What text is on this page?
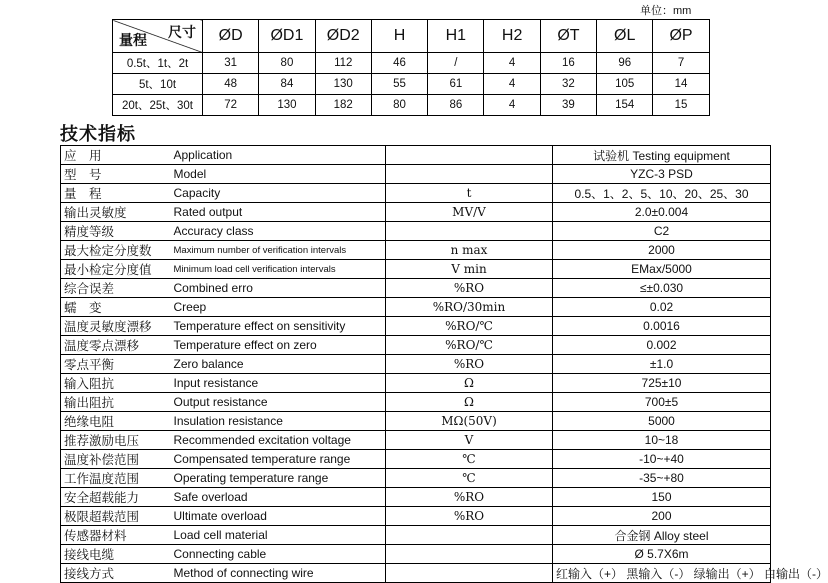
单位：mm
尺寸
量程	ØD	ØD1	ØD2	H	H1	H2	ØT	ØL	ØP
0.5t、1t、2t	31	80	112	46	/	4	16	96	7
5t、10t	48	84	130	55	61	4	32	105	14
20t、25t、30t	72	130	182	80	86	4	39	154	15
技术指标
应　用	Application		试验机 Testing equipment
型　号	Model		YZC-3 PSD
量　程	Capacity	t	0.5、1、2、5、10、20、25、30
输出灵敏度	Rated output	MV/V	2.0±0.004
精度等级	Accuracy class		C2
最大检定分度数	Maximum number of verification intervals	n max	2000
最小检定分度值	Minimum load cell verification intervals	V min	EMax/5000
综合误差	Combined erro	%RO	≤±0.030
蠕　变	Creep	%RO/30min	0.02
温度灵敏度漂移	Temperature effect on sensitivity	%RO/℃	0.0016
温度零点漂移	Temperature effect on zero	%RO/℃	0.002
零点平衡	Zero balance	%RO	±1.0
输入阻抗	Input resistance	Ω	725±10
输出阻抗	Output resistance	Ω	700±5
绝缘电阻	Insulation resistance	MΩ(50V)	5000
推荐激励电压	Recommended excitation voltage	V	10~18
温度补偿范围	Compensated temperature range	℃	-10~+40
工作温度范围	Operating temperature range	℃	-35~+80
安全超载能力	Safe overload	%RO	150
极限超载范围	Ultimate overload	%RO	200
传感器材料	Load cell material		合金钢 Alloy steel
接线电缆	Connecting cable		Ø 5.7X6m
接线方式	Method of connecting wire		红输入（+） 黑输入（-） 绿输出（+） 白输出（-）
